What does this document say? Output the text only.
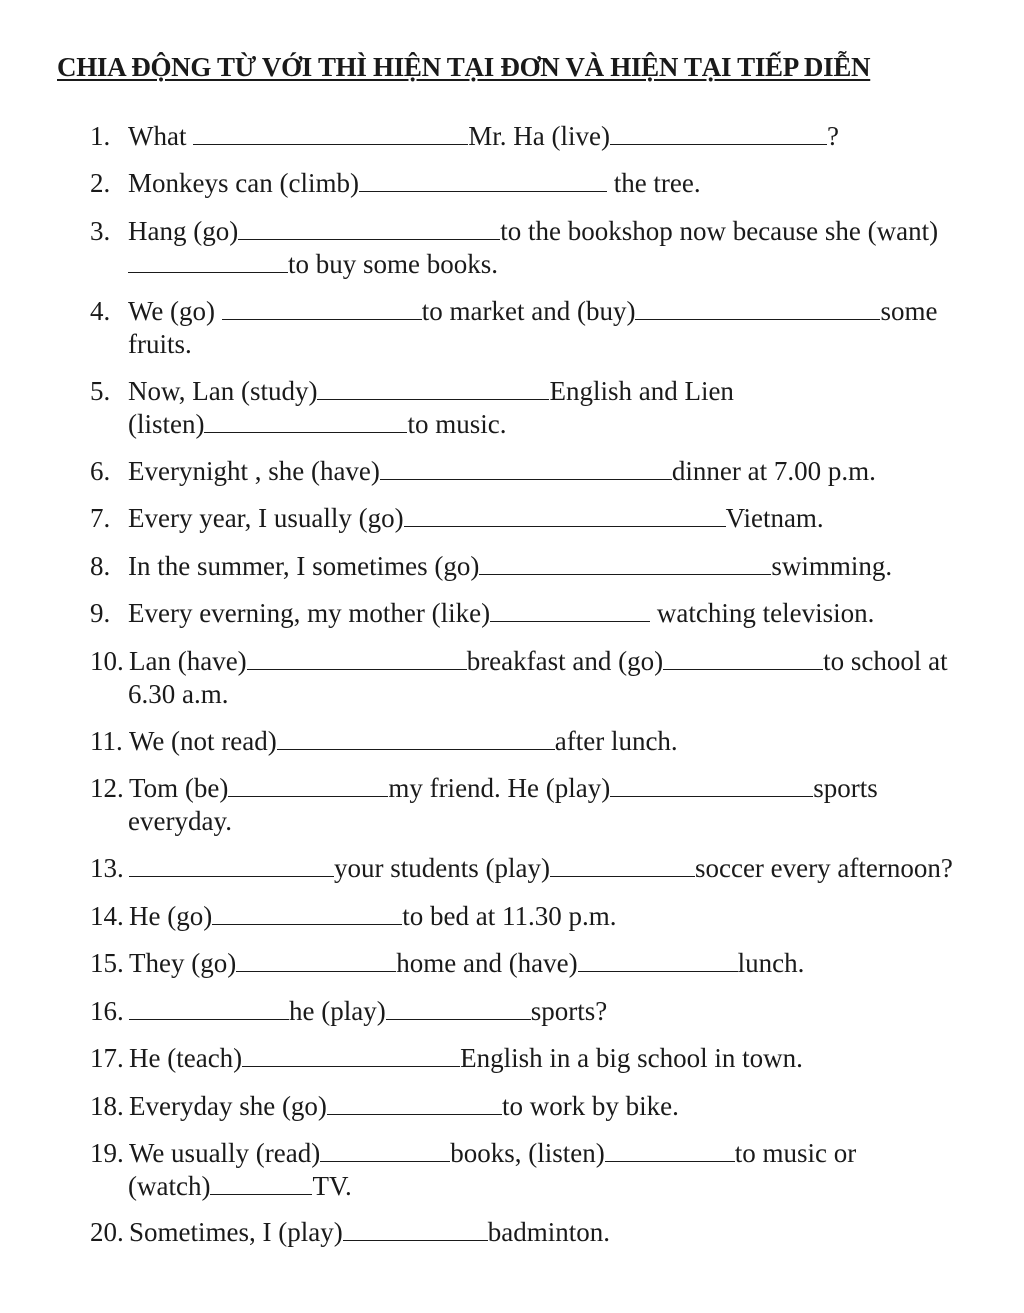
CHIA ĐỘNG TỪ VỚI THÌ HIỆN TẠI ĐƠN VÀ HIỆN TẠI TIẾP DIỄN
1. What	Mr. Ha (live)	?
2. Monkeys can (climb)	the tree.
3. Hang (go)	to the bookshop now because she (want)
to buy some books.
4. We (go)	to market and (buy)	some
fruits.
5. Now, Lan (study)	English and Lien
(listen)	to music.
6. Everynight , she (have)	dinner at 7.00 p.m.
7. Every year, I usually (go)	Vietnam.
8. In the summer, I sometimes (go)	swimming.
9. Every everning, my mother (like)	watching television.
10. Lan (have)	breakfast and (go)	to school at
6.30 a.m.
11. We (not read)	after lunch.
12. Tom (be)	my friend. He (play)	sports
everyday.
13.	your students (play)	soccer every afternoon?
14. He (go)	to bed at 11.30 p.m.
15. They (go)	home and (have)	lunch.
16.	he (play)	sports?
17. He (teach)	English in a big school in town.
18. Everyday she (go)	to work by bike.
19. We usually (read)	books, (listen)	to music or
(watch)	TV.
20. Sometimes, I (play)	badminton.
